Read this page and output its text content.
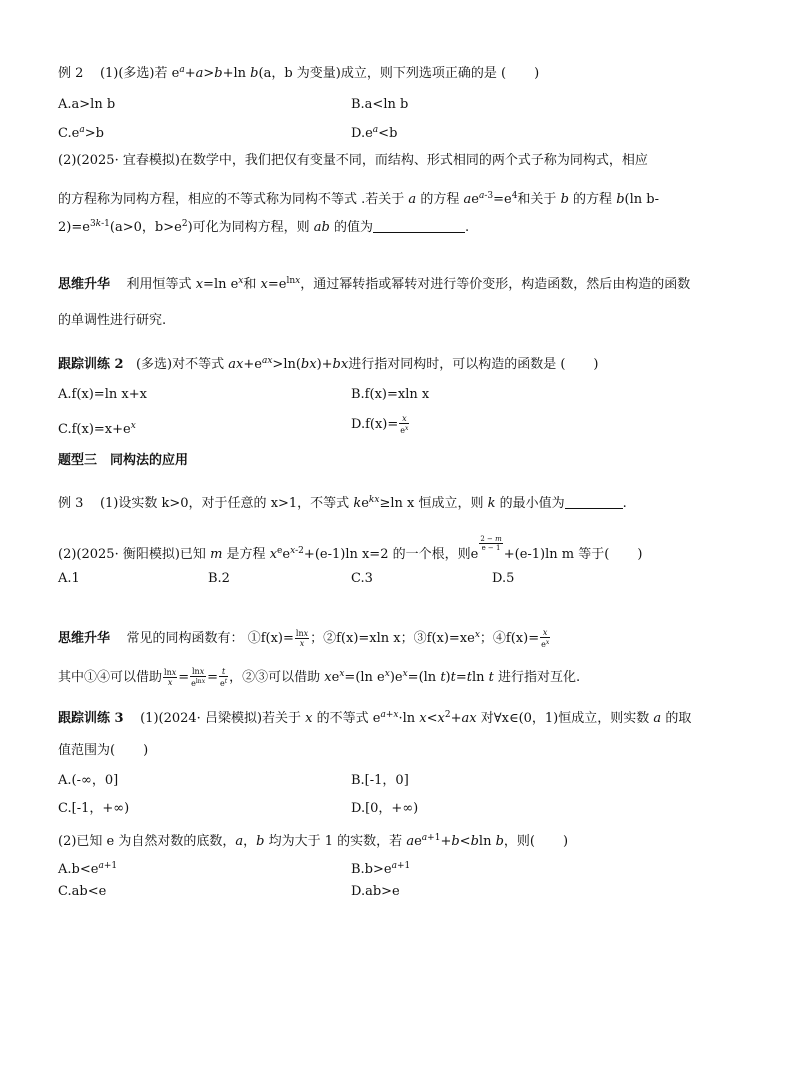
例 2 (1)(多选)若 $e^a+a>b+\ln$ b(a，b 为变量)成立，则下列选项正确的是 ( )
A.a>ln b	B.a<ln b
$C.e^a>b$	$D.e^a<b$
(2)(2025· 宜春模拟)在数学中，我们把仅有变量不同，而结构、形式相同的两个式子称为同构式，相应
的方程称为同构方程，相应的不等式称为同构不等式 .若关于 a 的方程 $ae^{a-3}=e^4$和关于 b 的方程 b(ln b-
$2)=e^{3k-1}(a>0$，$b>e^2$)可化为同构方程，则 ab 的值为	.
思维升华 利用恒等式 x=ln $e^x$和 $x=e^{lnx}$，通过幂转指或幂转对进行等价变形，构造函数，然后由构造的函数
的单调性进行研究.
跟踪训练 2 (多选)对不等式 $ax+e^{ax}>\ln(bx)+bx$进行指对同构时，可以构造的函数是 ( )
A.f(x)=ln x+x	B.f(x)=xln x
$C.f(x)=x+e^x$	$D.f(x)= \frac{x}{e^x}$
题型三　同构法的应用
例 3 (1)设实数 k>0，对于任意的 x>1，不等式 $ke^{kx}\ge\ln$ x 恒成立，则 k 的最小值为	.
(2)(2025· 衡阳模拟)已知 m 是方程 $x^ee^{x-2}+(e-1)\ln$ x=2 的一个根，则e
$\frac{2 - m}{e - 1}$
+(e-1)ln m 等于( )
A.1	B.2	C.3	D.5
思维升华 常见的同构函数有： ①f(x)= $\frac{\ln x}{x}$ ；②f(x)=xln x；$③f(x)=xe^x$；④f(x)= $\frac{x}{e^x}$
其中①④可以借助 $\frac{\ln x}{x} = \frac{\ln x}{e^{lnx}} = \frac{t}{e^t}$ ，②③可以借助 $xe^x=(\ln$ $e^x)e^x=(\ln$ t)t=tln t 进行指对互化.
跟踪训练 3 (1)(2024· 吕梁模拟)若关于 x 的不等式 $e^{a+x}\cdot\ln$ $x<x^2+ax$ 对∀x∈(0，1)恒成立，则实数 a 的取
值范围为( )
A.(-∞，0]	B.[-1，0]
C.[-1，+∞)	D.[0，+∞)
(2)已知 e 为自然对数的底数，a，b 均为大于 1 的实数，若 $ae^{a+1}+b<bln$ b，则( )
$A.b<e^{a+1}$	$B.b>e^{a+1}$
C.ab<e	D.ab>e
